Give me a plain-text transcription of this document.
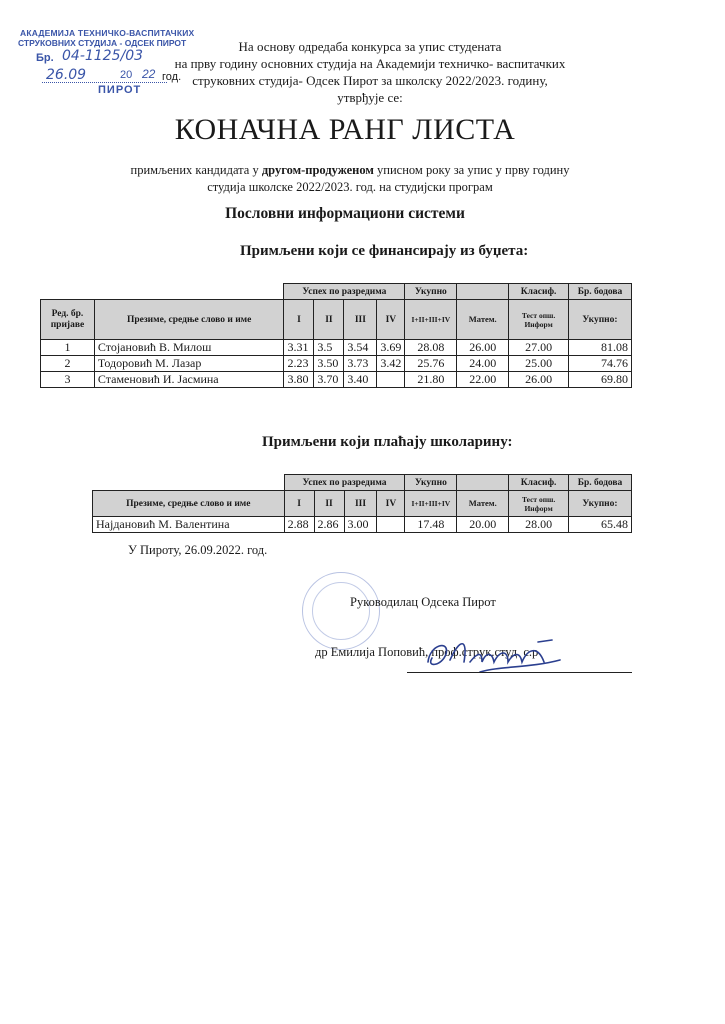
АКАДЕМИЈА ТЕХНИЧКО-ВАСПИТАЧКИХ
СТРУКОВНИХ СТУДИЈА - ОДСЕК ПИРОТ
Бр. 04-1125/03
26.09	20 22 год.
ПИРОТ
На основу одредаба конкурса за упис студената
на прву годину основних студија на Академији техничко- васпитачких
струковних студија- Одсек Пирот за школску 2022/2023. годину,
утврђује се:
КОНАЧНА РАНГ ЛИСТА
примљених кандидата у другом-продуженом уписном року за упис у прву годину
студија школске 2022/2023. год. на студијски програм
Пословни информациони системи
Примљени који се финансирају из буџета:
		Успех по разредима				Укупно		Класиф.	Бр. бодова
Ред. бр. пријаве	Презиме, средње слово и име	I	II	III	IV	I+II+III+IV	Матем.	Тест опш. Информ	Укупно:
1	Стојановић В. Милош	3.31	3.5	3.54	3.69	28.08	26.00	27.00	81.08
2	Тодоровић М. Лазар	2.23	3.50	3.73	3.42	25.76	24.00	25.00	74.76
3	Стаменовић И. Јасмина	3.80	3.70	3.40		21.80	22.00	26.00	69.80
Примљени који плаћају школарину:
	Успех по разредима				Укупно		Класиф.	Бр. бодова
Презиме, средње слово и име	I	II	III	IV	I+II+III+IV	Матем.	Тест опш. Информ	Укупно:
Најдановић М. Валентина	2.88	2.86	3.00		17.48	20.00	28.00	65.48
У Пироту, 26.09.2022. год.
Руководилац Одсека Пирот
др Емилија Поповић, проф.струк.студ. с.р
